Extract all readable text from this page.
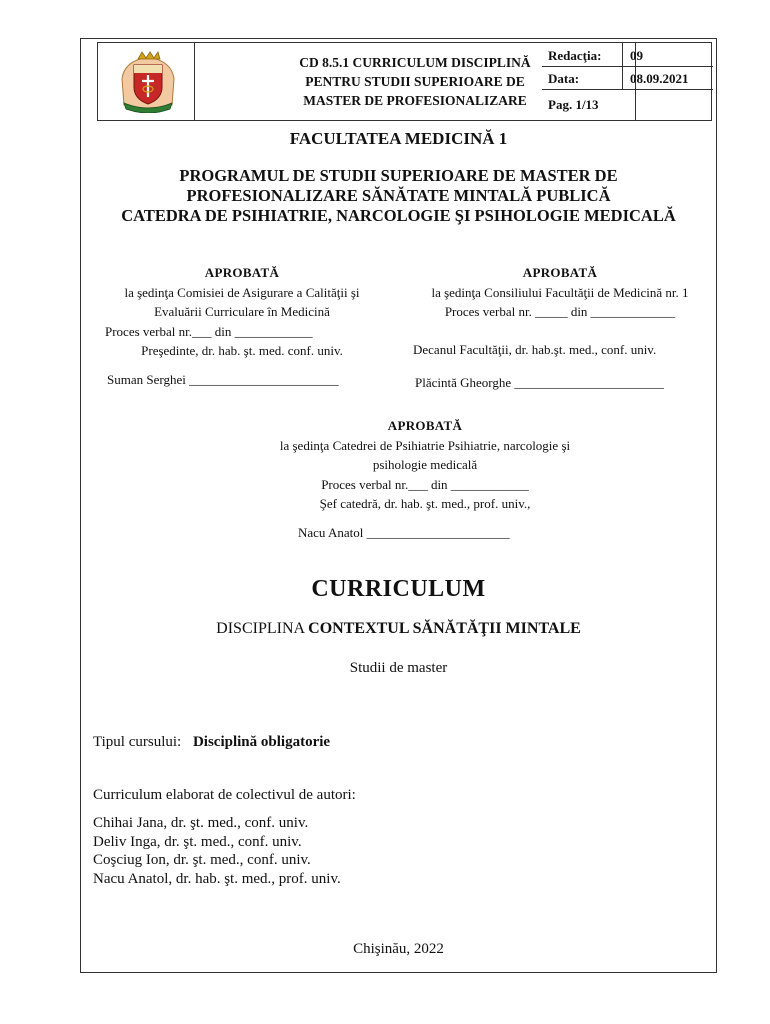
CD 8.5.1 CURRICULUM DISCIPLINĂ
PENTRU STUDII SUPERIOARE DE
MASTER DE PROFESIONALIZARE
Redacţia: 09
Data:	08.09.2021
Pag. 1/13
FACULTATEA MEDICINĂ 1
PROGRAMUL DE STUDII SUPERIOARE DE MASTER DE
PROFESIONALIZARE SĂNĂTATE MINTALĂ PUBLICĂ
CATEDRA DE PSIHIATRIE, NARCOLOGIE ŞI PSIHOLOGIE MEDICALĂ
APROBATĂ
la şedinţa Comisiei de Asigurare a Calităţii şi
Evaluării Curriculare în Medicină
Proces verbal nr.___ din ____________
Preşedinte, dr. hab. şt. med. conf. univ.
Suman Serghei _______________________
APROBATĂ
la şedinţa Consiliului Facultăţii de Medicină nr. 1
Proces verbal nr. _____ din _____________
Decanul Facultăţii, dr. hab.şt. med., conf. univ.
Plăcintă Gheorghe _______________________
APROBATĂ
la şedinţa Catedrei de Psihiatrie Psihiatrie, narcologie şi
psihologie medicală
Proces verbal nr.___ din ____________
Şef catedră, dr. hab. şt. med., prof. univ.,
Nacu Anatol ______________________
CURRICULUM
DISCIPLINA CONTEXTUL SĂNĂTĂŢII MINTALE
Studii de master
Tipul cursului: Disciplină obligatorie
Curriculum elaborat de colectivul de autori:
Chihai Jana, dr. şt. med., conf. univ.
Deliv Inga, dr. şt. med., conf. univ.
Coşciug Ion, dr. şt. med., conf. univ.
Nacu Anatol, dr. hab. şt. med., prof. univ.
Chişinău, 2022
